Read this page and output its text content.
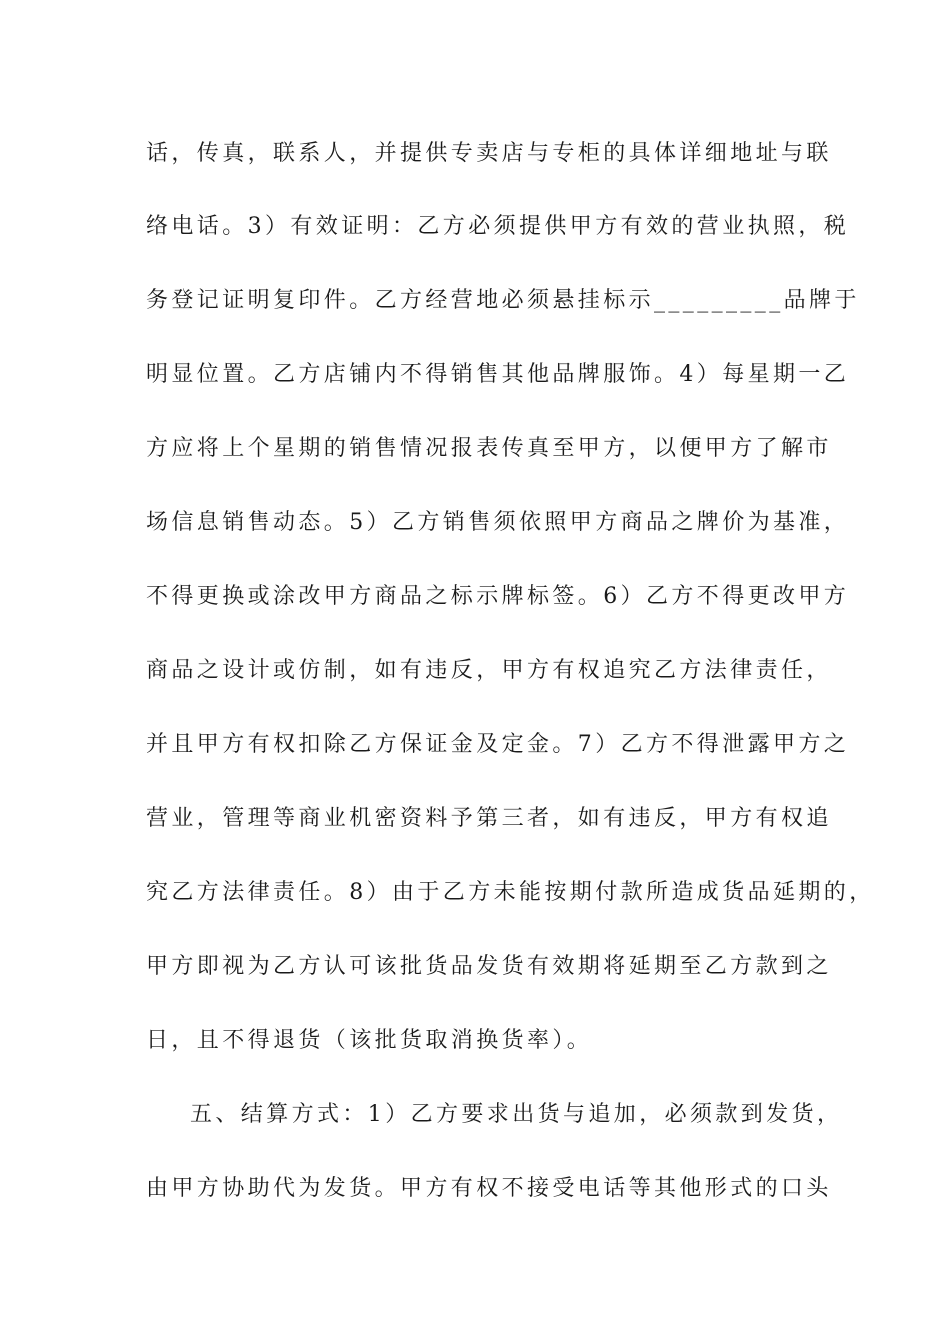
话，传真，联系人，并提供专卖店与专柜的具体详细地址与联
络电话。3）有效证明：乙方必须提供甲方有效的营业执照，税
务登记证明复印件。乙方经营地必须悬挂标示_________品牌于
明显位置。乙方店铺内不得销售其他品牌服饰。4）每星期一乙
方应将上个星期的销售情况报表传真至甲方，以便甲方了解市
场信息销售动态。5）乙方销售须依照甲方商品之牌价为基准，
不得更换或涂改甲方商品之标示牌标签。6）乙方不得更改甲方
商品之设计或仿制，如有违反，甲方有权追究乙方法律责任，
并且甲方有权扣除乙方保证金及定金。7）乙方不得泄露甲方之
营业，管理等商业机密资料予第三者，如有违反，甲方有权追
究乙方法律责任。8）由于乙方未能按期付款所造成货品延期的，
甲方即视为乙方认可该批货品发货有效期将延期至乙方款到之
日，且不得退货（该批货取消换货率）。
五、结算方式：1）乙方要求出货与追加，必须款到发货，
由甲方协助代为发货。甲方有权不接受电话等其他形式的口头
